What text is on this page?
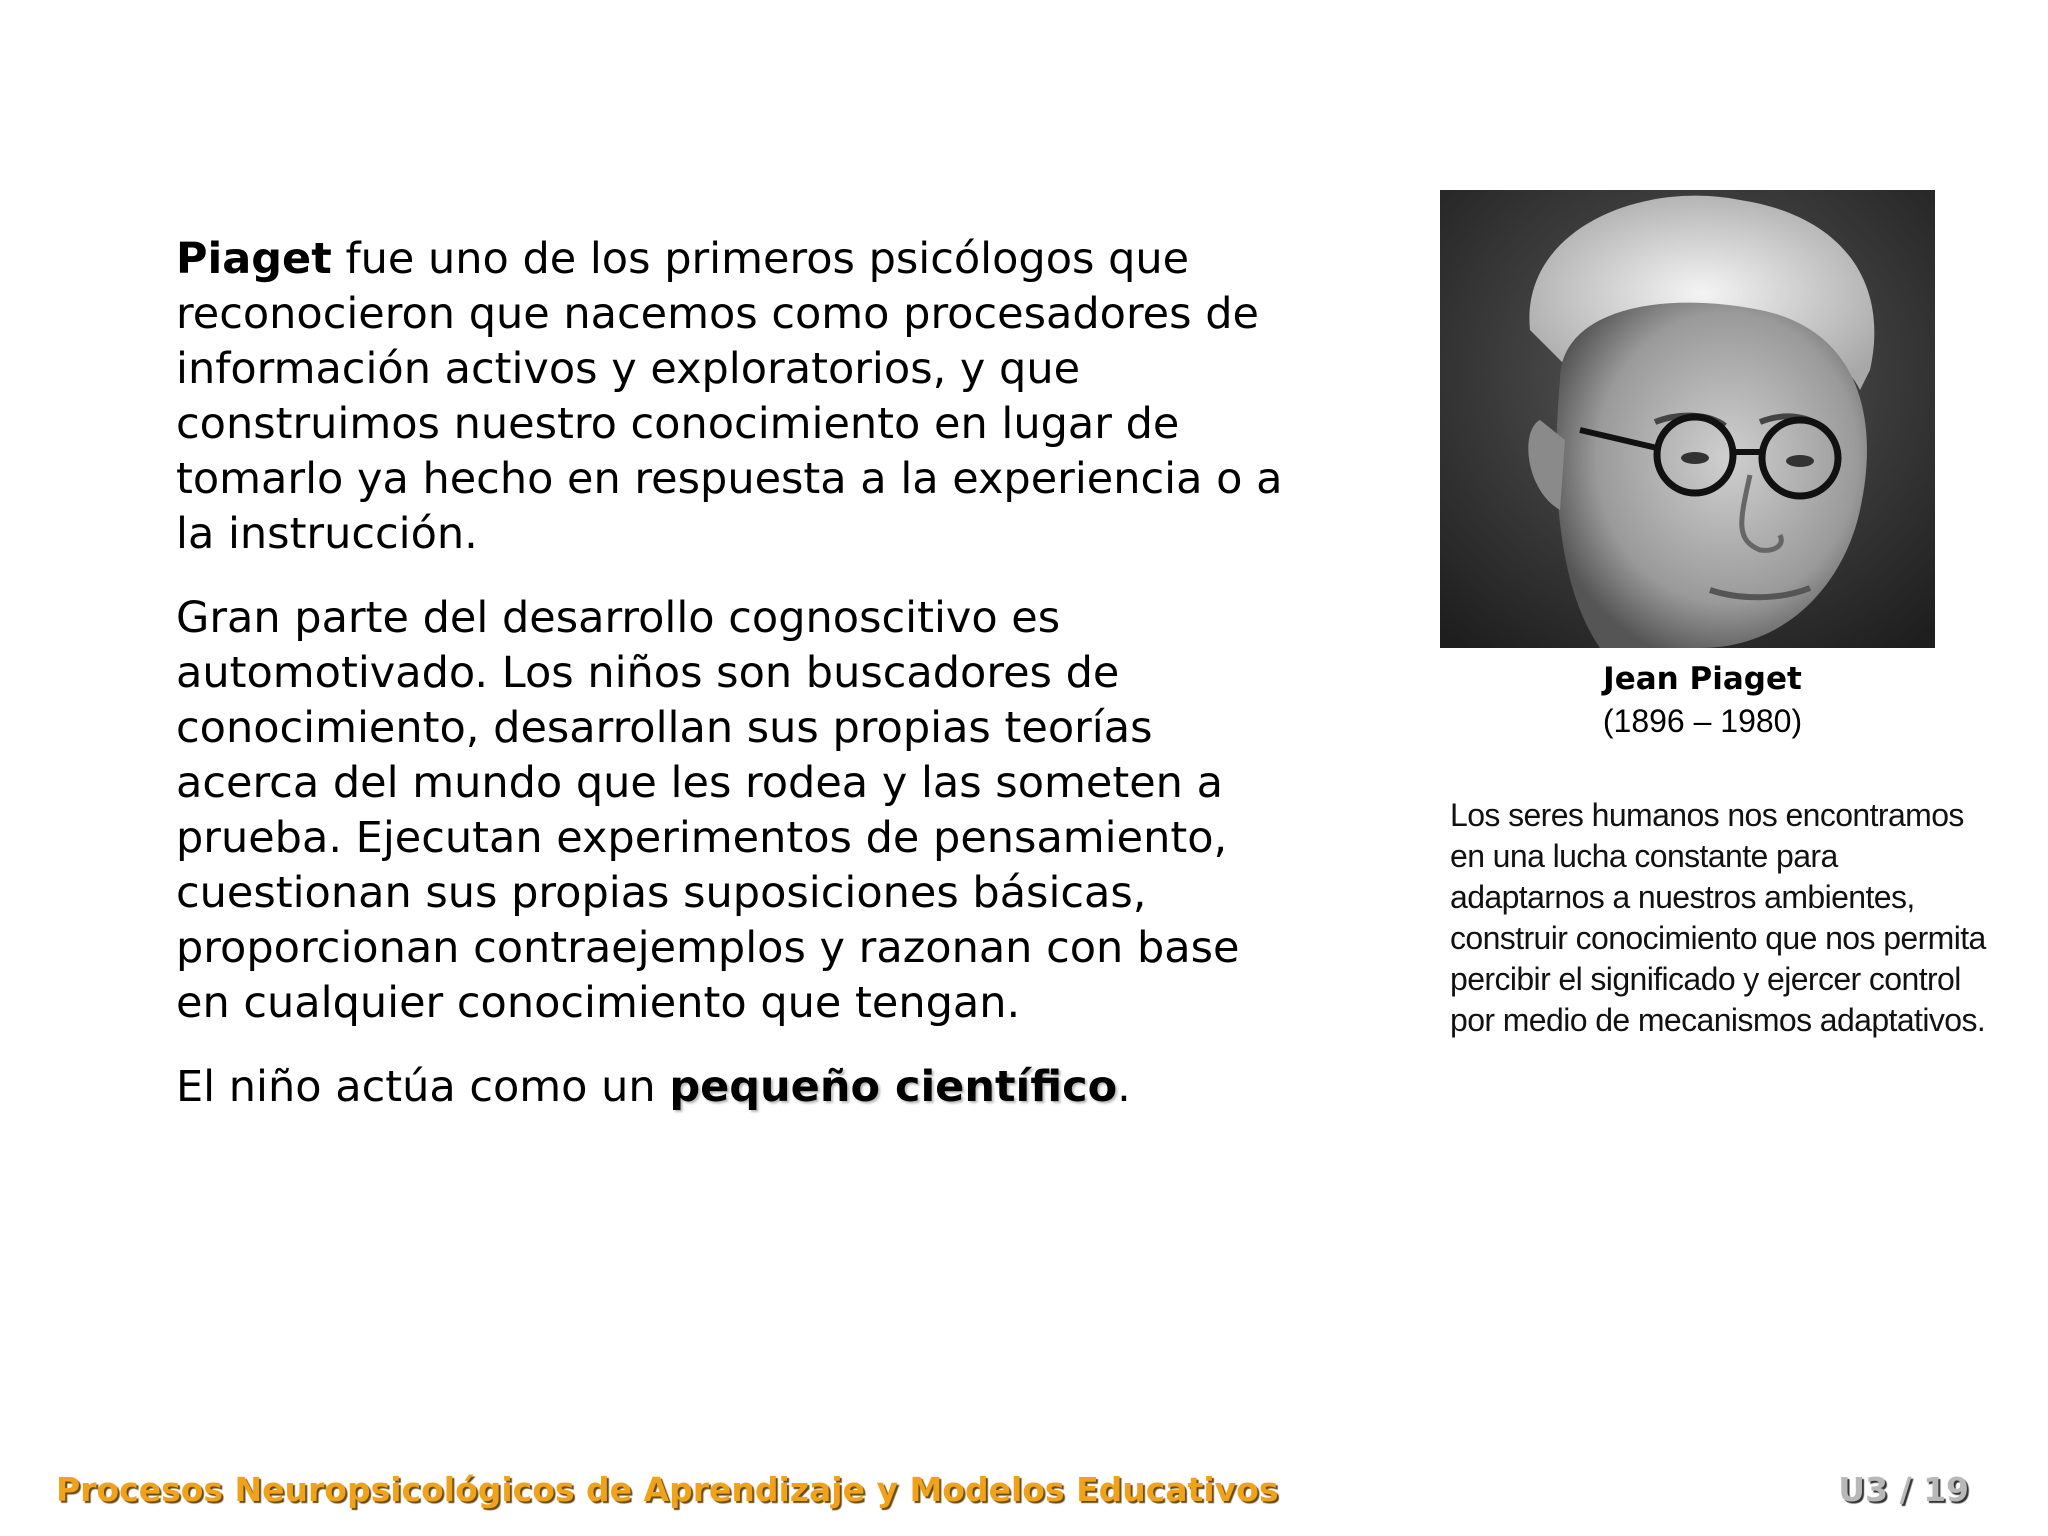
Piaget fue uno de los primeros psicólogos que reconocieron que nacemos como procesadores de información activos y exploratorios, y que construimos nuestro conocimiento en lugar de tomarlo ya hecho en respuesta a la experiencia o a la instrucción.

Gran parte del desarrollo cognoscitivo es automotivado. Los niños son buscadores de conocimiento, desarrollan sus propias teorías acerca del mundo que les rodea y las someten a prueba. Ejecutan experimentos de pensamiento, cuestionan sus propias suposiciones básicas, proporcionan contraejemplos y razonan con base en cualquier conocimiento que tengan.

El niño actúa como un pequeño científico.

Jean Piaget
(1896 – 1980)
Los seres humanos nos encontramos en una lucha constante para adaptarnos a nuestros ambientes, construir conocimiento que nos permita percibir el significado y ejercer control por medio de mecanismos adaptativos.
Procesos Neuropsicológicos de Aprendizaje y Modelos Educativos	U3 / 19
